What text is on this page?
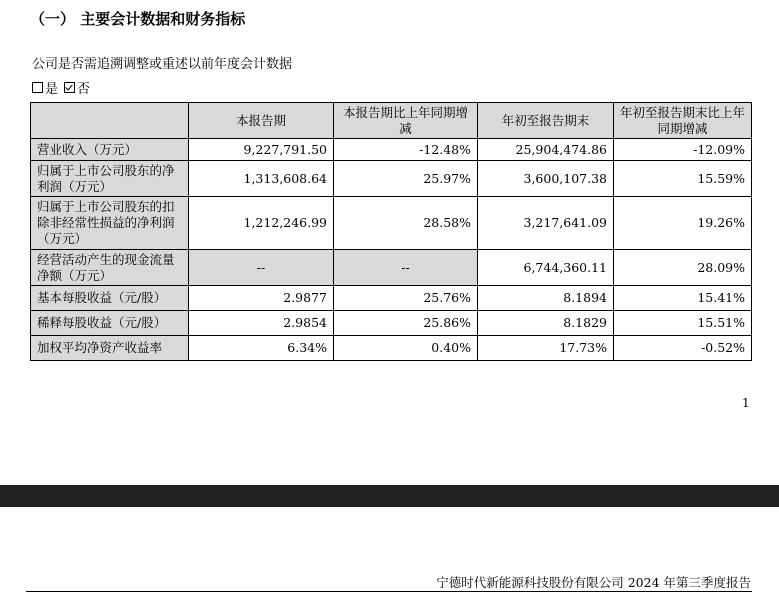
（一） 主要会计数据和财务指标
公司是否需追溯调整或重述以前年度会计数据
是 否
	本报告期	本报告期比上年同期增减	年初至报告期末	年初至报告期末比上年同期增减
营业收入（万元）	9,227,791.50	-12.48%	25,904,474.86	-12.09%
归属于上市公司股东的净利润（万元）	1,313,608.64	25.97%	3,600,107.38	15.59%
归属于上市公司股东的扣除非经常性损益的净利润（万元）	1,212,246.99	28.58%	3,217,641.09	19.26%
经营活动产生的现金流量净额（万元）	--	--	6,744,360.11	28.09%
基本每股收益（元/股）	2.9877	25.76%	8.1894	15.41%
稀释每股收益（元/股）	2.9854	25.86%	8.1829	15.51%
加权平均净资产收益率	6.34%	0.40%	17.73%	-0.52%
1
宁德时代新能源科技股份有限公司 2024 年第三季度报告
